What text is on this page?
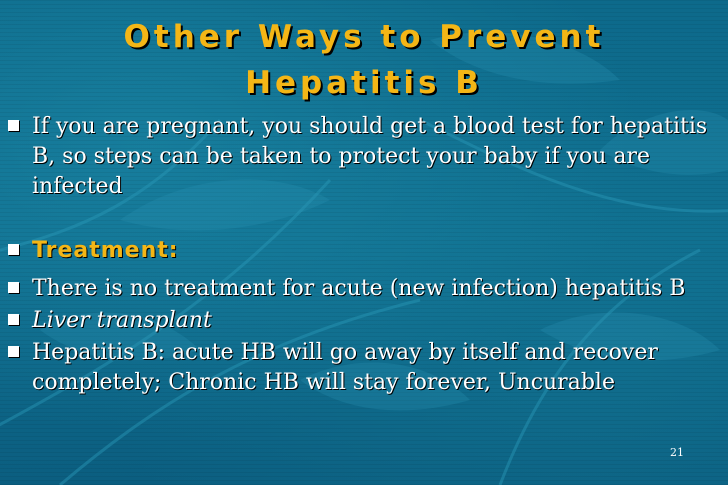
Other Ways to Prevent
Hepatitis B
If you are pregnant, you should get a blood test for hepatitis B, so steps can be taken to protect your baby if you are infected
Treatment:
There is no treatment for acute (new infection) hepatitis B
Liver transplant
Hepatitis B: acute HB will go away by itself and recover completely; Chronic HB will stay forever, Uncurable
21
